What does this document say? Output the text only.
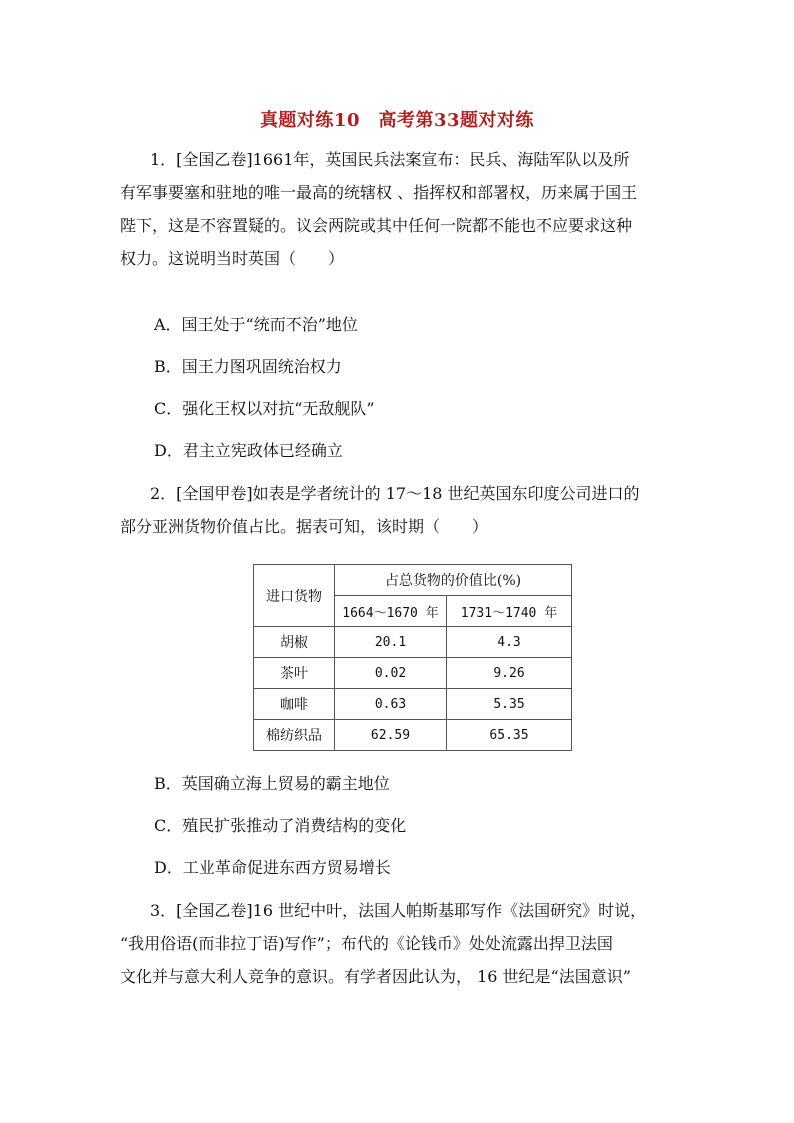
真题对练10　高考第33题对对练
1．[全国乙卷]1661年，英国民兵法案宣布：民兵、海陆军队以及所
有军事要塞和驻地的唯一最高的统辖权 、指挥权和部署权，历来属于国王
陛下，这是不容置疑的。议会两院或其中任何一院都不能也不应要求这种
权力。这说明当时英国（　　）
A．国王处于“统而不治”地位
B．国王力图巩固统治权力
C．强化王权以对抗“无敌舰队”
D．君主立宪政体已经确立
2．[全国甲卷]如表是学者统计的 17～18 世纪英国东印度公司进口的
部分亚洲货物价值占比。据表可知，该时期（　　）
进口货物	占总货物的价值比(%)	
	1664～1670 年	1731～1740 年
胡椒	20.1	4.3
茶叶	0.02	9.26
咖啡	0.63	5.35
棉纺织品	62.59	65.35
B．英国确立海上贸易的霸主地位
C．殖民扩张推动了消费结构的变化
D．工业革命促进东西方贸易增长
3．[全国乙卷]16 世纪中叶，法国人帕斯基耶写作《法国研究》时说，
“我用俗语(而非拉丁语)写作”；布代的《论钱币》处处流露出捍卫法国
文化并与意大利人竞争的意识。有学者因此认为， 16 世纪是“法国意识”
